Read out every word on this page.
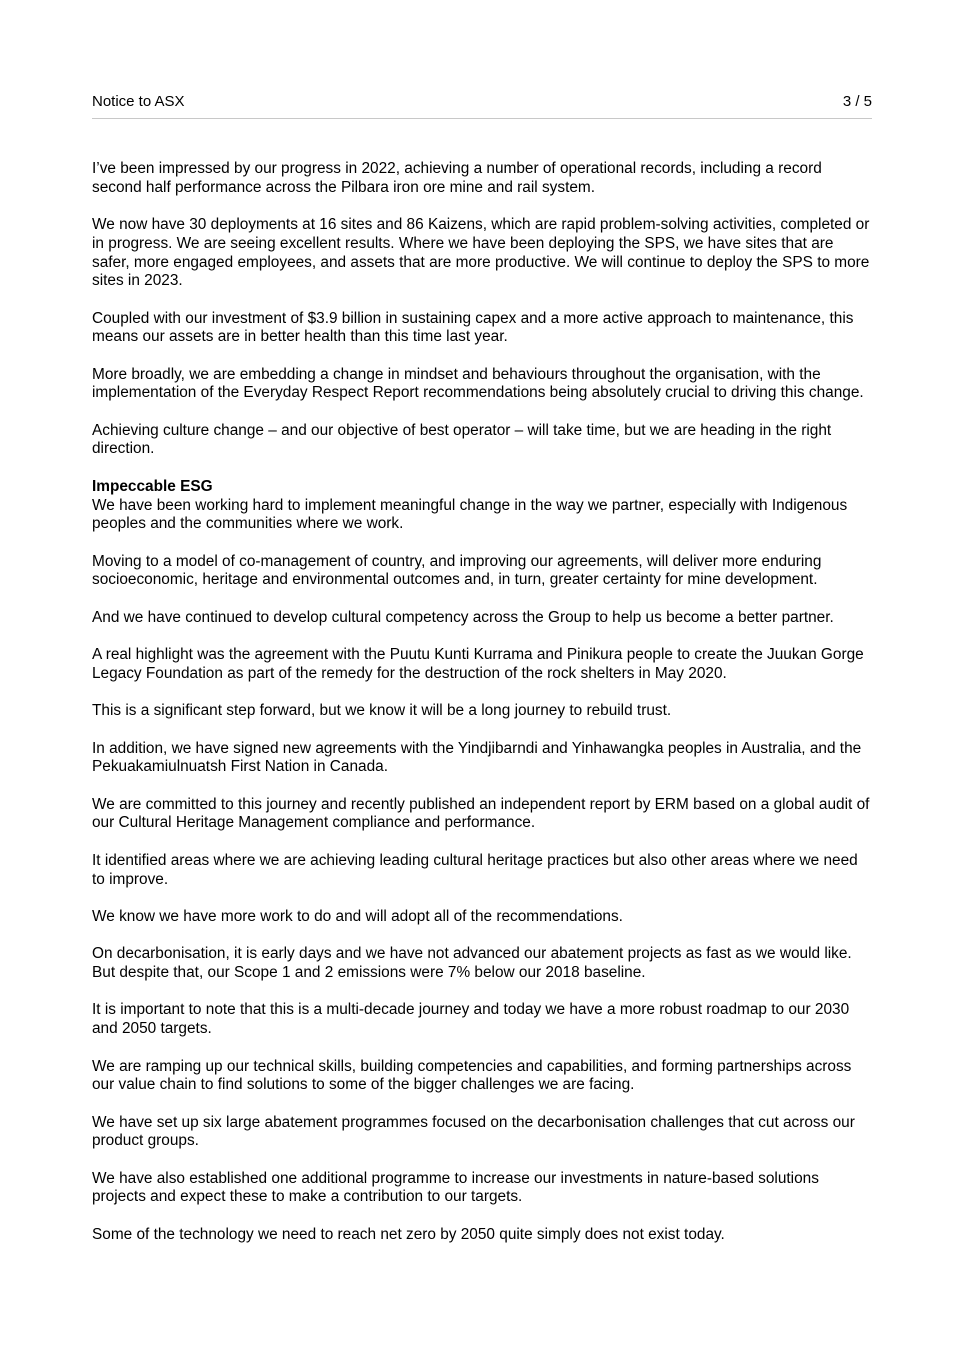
Notice to ASX	3 / 5

I’ve been impressed by our progress in 2022, achieving a number of operational records, including a record second half performance across the Pilbara iron ore mine and rail system.

We now have 30 deployments at 16 sites and 86 Kaizens, which are rapid problem-solving activities, completed or in progress. We are seeing excellent results. Where we have been deploying the SPS, we have sites that are safer, more engaged employees, and assets that are more productive. We will continue to deploy the SPS to more sites in 2023.

Coupled with our investment of $3.9 billion in sustaining capex and a more active approach to maintenance, this means our assets are in better health than this time last year.

More broadly, we are embedding a change in mindset and behaviours throughout the organisation, with the implementation of the Everyday Respect Report recommendations being absolutely crucial to driving this change.

Achieving culture change – and our objective of best operator – will take time, but we are heading in the right direction.

Impeccable ESG

We have been working hard to implement meaningful change in the way we partner, especially with Indigenous peoples and the communities where we work.

Moving to a model of co-management of country, and improving our agreements, will deliver more enduring socioeconomic, heritage and environmental outcomes and, in turn, greater certainty for mine development.

And we have continued to develop cultural competency across the Group to help us become a better partner.

A real highlight was the agreement with the Puutu Kunti Kurrama and Pinikura people to create the Juukan Gorge Legacy Foundation as part of the remedy for the destruction of the rock shelters in May 2020.

This is a significant step forward, but we know it will be a long journey to rebuild trust.

In addition, we have signed new agreements with the Yindjibarndi and Yinhawangka peoples in Australia, and the Pekuakamiulnuatsh First Nation in Canada.

We are committed to this journey and recently published an independent report by ERM based on a global audit of our Cultural Heritage Management compliance and performance.

It identified areas where we are achieving leading cultural heritage practices but also other areas where we need to improve.

We know we have more work to do and will adopt all of the recommendations.

On decarbonisation, it is early days and we have not advanced our abatement projects as fast as we would like. But despite that, our Scope 1 and 2 emissions were 7% below our 2018 baseline.

It is important to note that this is a multi-decade journey and today we have a more robust roadmap to our 2030 and 2050 targets.

We are ramping up our technical skills, building competencies and capabilities, and forming partnerships across our value chain to find solutions to some of the bigger challenges we are facing.

We have set up six large abatement programmes focused on the decarbonisation challenges that cut across our product groups.

We have also established one additional programme to increase our investments in nature-based solutions projects and expect these to make a contribution to our targets.

Some of the technology we need to reach net zero by 2050 quite simply does not exist today.
